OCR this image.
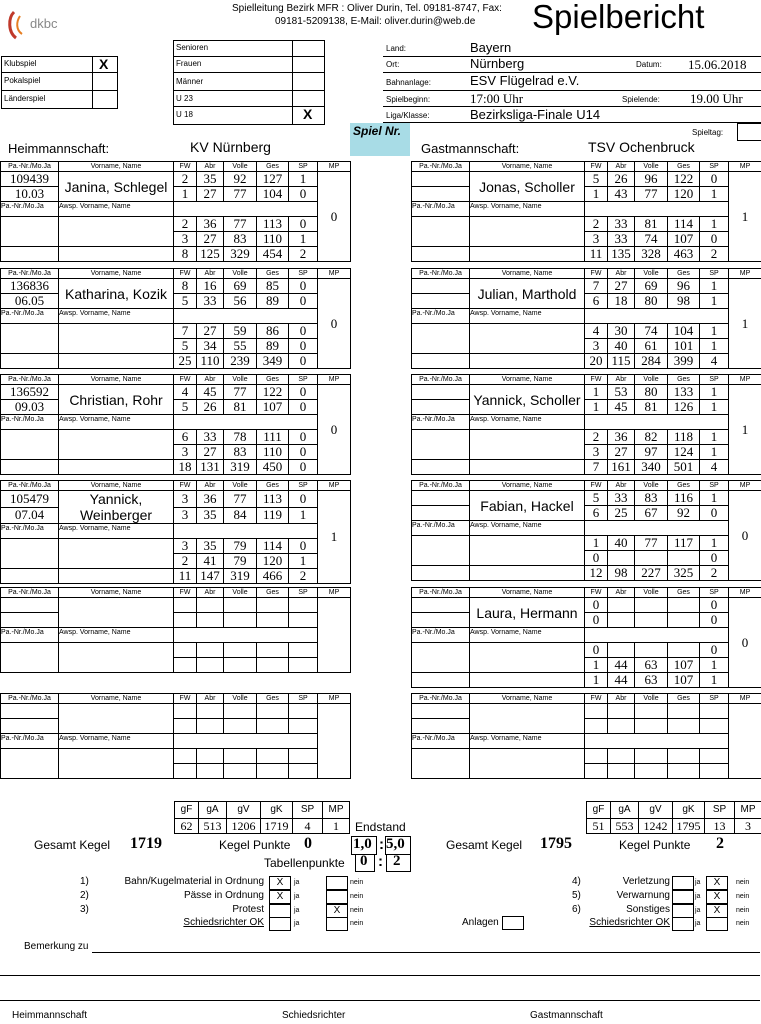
dkbc
Spielleitung Bezirk MFR : Oliver Durin, Tel. 09181-8747, Fax:
09181-5209138, E-Mail: oliver.durin@web.de Spielbericht
Klubspiel	X
Pokalspiel
Länderspiel
Senioren
Frauen
Männer
U 23
U 18	X
Land:	Bayern
Ort:	Nürnberg	Datum: 15.06.2018
Bahnanlage:	ESV Flügelrad e.V.
Spielbeginn:	17:00 Uhr	Spielende: 19.00 Uhr
Liga/Klasse:	Bezirksliga-Finale U14
Spiel Nr.	Spieltag:
Heimmannschaft:	KV Nürnberg	Gastmannschaft:	TSV Ochenbruck
Pa.-Nr./Mo.Ja	Vorname, Name	FW	Abr	Volle	Ges	SP	MP	
109439	Janina, Schlegel	2	35	92	127	1	0	
10.03		1	27	77	104	0		
Pa.-Nr./Mo.Ja	Awsp. Vorname, Name							
		2	36	77	113	0		
		3	27	83	110	1		
		8	125	329	454	2		
Pa.-Nr./Mo.Ja	Vorname, Name	FW	Abr	Volle	Ges	SP	MP	
136836	Katharina, Kozik	8	16	69	85	0	0	
06.05		5	33	56	89	0		
Pa.-Nr./Mo.Ja	Awsp. Vorname, Name							
		7	27	59	86	0		
		5	34	55	89	0		
		25	110	239	349	0		
Pa.-Nr./Mo.Ja	Vorname, Name	FW	Abr	Volle	Ges	SP	MP	
136592	Christian, Rohr	4	45	77	122	0	0	
09.03		5	26	81	107	0		
Pa.-Nr./Mo.Ja	Awsp. Vorname, Name							
		6	33	78	111	0		
		3	27	83	110	0		
		18	131	319	450	0		
Pa.-Nr./Mo.Ja	Vorname, Name	FW	Abr	Volle	Ges	SP	MP	
105479	Yannick, Weinberger	3	36	77	113	0	1	
07.04		3	35	84	119	1		
Pa.-Nr./Mo.Ja	Awsp. Vorname, Name							
		3	35	79	114	0		
		2	41	79	120	1		
		11	147	319	466	2		
Pa.-Nr./Mo.Ja	Vorname, Name	FW	Abr	Volle	Ges	SP	MP	

Pa.-Nr./Mo.Ja	Awsp. Vorname, Name							

Pa.-Nr./Mo.Ja	Vorname, Name	FW	Abr	Volle	Ges	SP	MP	

Pa.-Nr./Mo.Ja	Awsp. Vorname, Name							

Pa.-Nr./Mo.Ja	Vorname, Name	FW	Abr	Volle	Ges	SP	MP	
	Jonas, Scholler	5	26	96	122	0	1	
		1	43	77	120	1		
Pa.-Nr./Mo.Ja	Awsp. Vorname, Name							
		2	33	81	114	1		
		3	33	74	107	0		
		11	135	328	463	2		
Pa.-Nr./Mo.Ja	Vorname, Name	FW	Abr	Volle	Ges	SP	MP	
	Julian, Marthold	7	27	69	96	1	1	
		6	18	80	98	1		
Pa.-Nr./Mo.Ja	Awsp. Vorname, Name							
		4	30	74	104	1		
		3	40	61	101	1		
		20	115	284	399	4		
Pa.-Nr./Mo.Ja	Vorname, Name	FW	Abr	Volle	Ges	SP	MP	
	Yannick, Scholler	1	53	80	133	1	1	
		1	45	81	126	1		
Pa.-Nr./Mo.Ja	Awsp. Vorname, Name							
		2	36	82	118	1		
		3	27	97	124	1		
		7	161	340	501	4		
Pa.-Nr./Mo.Ja	Vorname, Name	FW	Abr	Volle	Ges	SP	MP	
	Fabian, Hackel	5	33	83	116	1	0	
		6	25	67	92	0		
Pa.-Nr./Mo.Ja	Awsp. Vorname, Name							
		1	40	77	117	1		
		0				0		
		12	98	227	325	2		
Pa.-Nr./Mo.Ja	Vorname, Name	FW	Abr	Volle	Ges	SP	MP	
	Laura, Hermann	0				0	0	
		0				0		
Pa.-Nr./Mo.Ja	Awsp. Vorname, Name							
		0				0		
		1	44	63	107	1		
		1	44	63	107	1		
Pa.-Nr./Mo.Ja	Vorname, Name	FW	Abr	Volle	Ges	SP	MP	

Pa.-Nr./Mo.Ja	Awsp. Vorname, Name							

gF	gA	gV	gK	SP	MP
62	513	1206	1719	4	1
gF	gA	gV	gK	SP	MP
51	553	1242	1795	13	3
Endstand
Gesamt Kegel 1719	Kegel Punkte 0	1,0 : 5,0	Gesamt Kegel 1795	Kegel Punkte 2
Tabellenpunkte 0 : 2
1)	Bahn/Kugelmaterial in Ordnung	X	ja	nein
2)	Pässe in Ordnung	X	ja	nein
3)	Protest	ja	X	nein
Schiedsrichter OK	ja	nein
4)	Verletzung	ja	X	nein
5)	Verwarnung	ja	X	nein
6)	Sonstiges	ja	X	nein
Schiedsrichter OK	ja	nein
Anlagen
Bemerkung zu
Heimmannschaft	Schiedsrichter	Gastmannschaft
